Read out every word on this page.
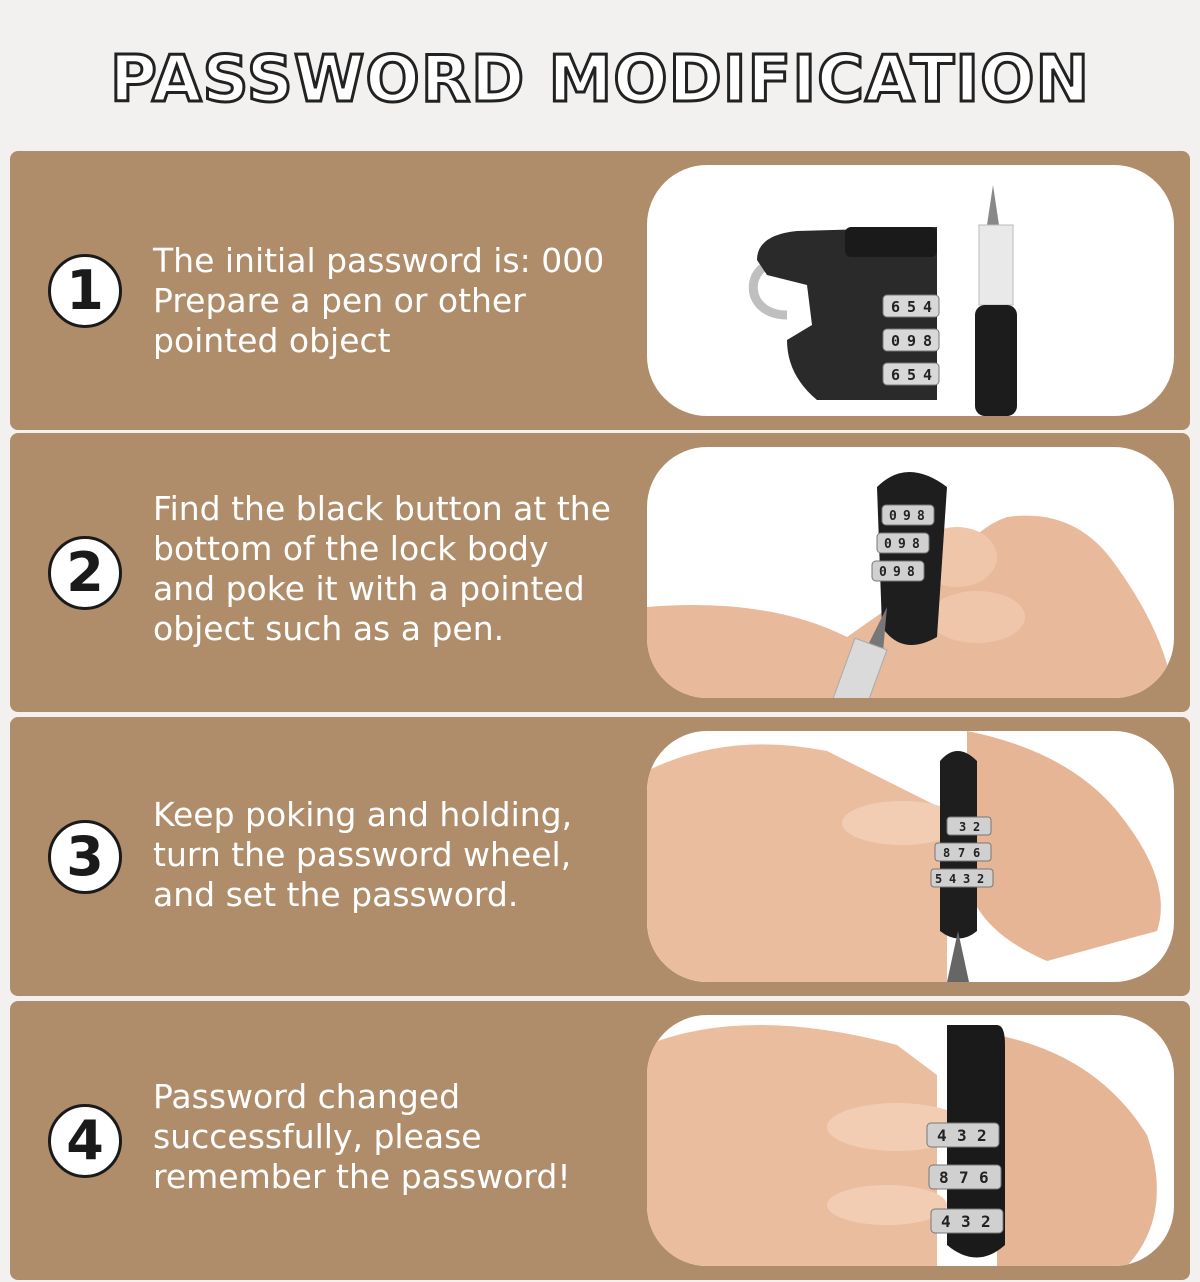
PASSWORD MODIFICATION
1	The initial password is: 000
Prepare a pen or other
pointed object
6 5 4
0 9 8
6 5 4
2
Find the black button at the
bottom of the lock body
and poke it with a pointed
object such as a pen.
0 9 8
0 9 8
0 9 8
3
Keep poking and holding,
turn the password wheel,
and set the password.
3 2
8 7 6
5 4 3 2
4
Password changed
successfully, please
remember the password!
4 3 2
8 7 6
4 3 2
